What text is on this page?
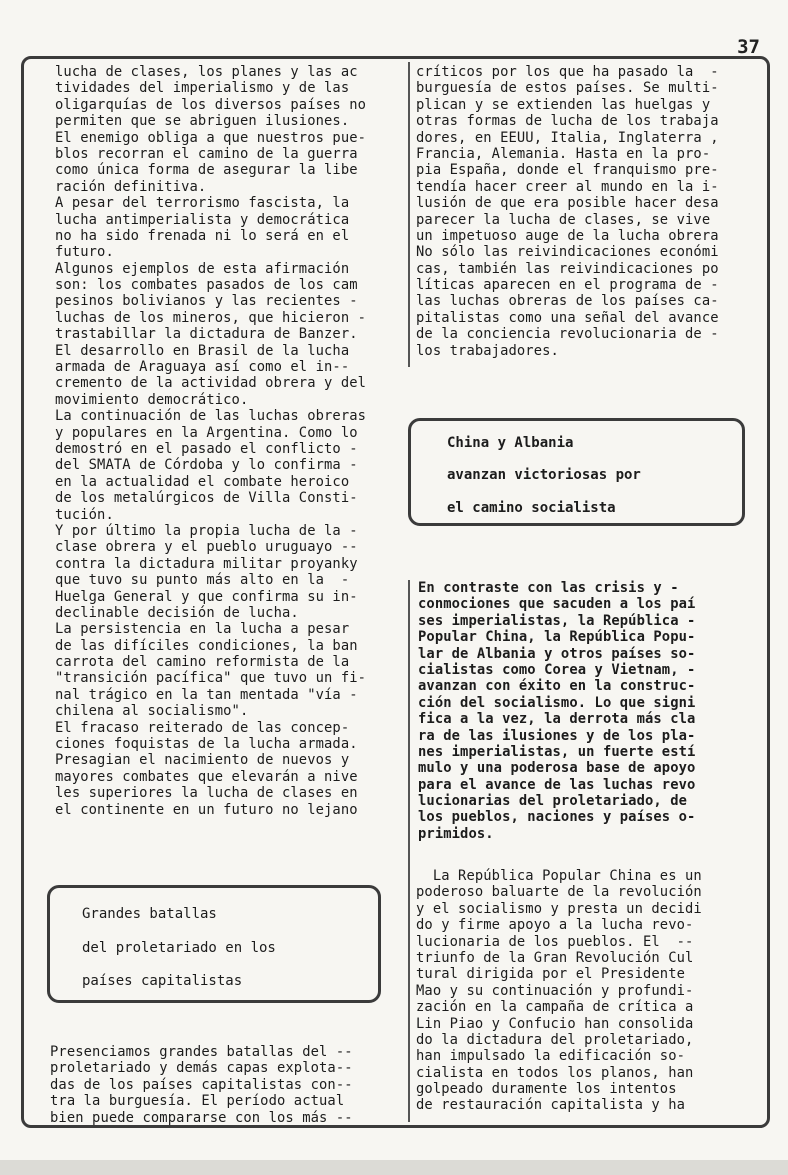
37
lucha de clases, los planes y las ac
tividades del imperialismo y de las
oligarquías de los diversos países no
permiten que se abriguen ilusiones.
El enemigo obliga a que nuestros pue-
blos recorran el camino de la guerra
como única forma de asegurar la libe
ración definitiva.
A pesar del terrorismo fascista, la
lucha antimperialista y democrática
no ha sido frenada ni lo será en el
futuro.
Algunos ejemplos de esta afirmación
son: los combates pasados de los cam
pesinos bolivianos y las recientes -
luchas de los mineros, que hicieron -
trastabillar la dictadura de Banzer.
El desarrollo en Brasil de la lucha
armada de Araguaya así como el in--
cremento de la actividad obrera y del
movimiento democrático.
La continuación de las luchas obreras
y populares en la Argentina. Como lo
demostró en el pasado el conflicto -
del SMATA de Córdoba y lo confirma -
en la actualidad el combate heroico
de los metalúrgicos de Villa Consti-
tución.
Y por último la propia lucha de la -
clase obrera y el pueblo uruguayo --
contra la dictadura militar proyanky
que tuvo su punto más alto en la  -
Huelga General y que confirma su in-
declinable decisión de lucha.
La persistencia en la lucha a pesar
de las difíciles condiciones, la ban
carrota del camino reformista de la
"transición pacífica" que tuvo un fi-
nal trágico en la tan mentada "vía -
chilena al socialismo".
El fracaso reiterado de las concep-
ciones foquistas de la lucha armada.
Presagian el nacimiento de nuevos y
mayores combates que elevarán a nive
les superiores la lucha de clases en
el continente en un futuro no lejano
Grandes batallas
del proletariado en los
países capitalistas
Presenciamos grandes batallas del --
proletariado y demás capas explota--
das de los países capitalistas con--
tra la burguesía. El período actual
bien puede compararse con los más --
críticos por los que ha pasado la  -
burguesía de estos países. Se multi-
plican y se extienden las huelgas y
otras formas de lucha de los trabaja
dores, en EEUU, Italia, Inglaterra ,
Francia, Alemania. Hasta en la pro-
pia España, donde el franquismo pre-
tendía hacer creer al mundo en la i-
lusión de que era posible hacer desa
parecer la lucha de clases, se vive
un impetuoso auge de la lucha obrera
No sólo las reivindicaciones económi
cas, también las reivindicaciones po
líticas aparecen en el programa de -
las luchas obreras de los países ca-
pitalistas como una señal del avance
de la conciencia revolucionaria de -
los trabajadores.
China y Albania
avanzan victoriosas por
el camino socialista
En contraste con las crisis y -
conmociones que sacuden a los paí
ses imperialistas, la República -
Popular China, la República Popu-
lar de Albania y otros países so-
cialistas como Corea y Vietnam, -
avanzan con éxito en la construc-
ción del socialismo. Lo que signi
fica a la vez, la derrota más cla
ra de las ilusiones y de los pla-
nes imperialistas, un fuerte estí
mulo y una poderosa base de apoyo
para el avance de las luchas revo
lucionarias del proletariado, de
los pueblos, naciones y países o-
primidos.
La República Popular China es un
poderoso baluarte de la revolución
y el socialismo y presta un decidi
do y firme apoyo a la lucha revo-
lucionaria de los pueblos. El  --
triunfo de la Gran Revolución Cul
tural dirigida por el Presidente
Mao y su continuación y profundi-
zación en la campaña de crítica a
Lin Piao y Confucio han consolida
do la dictadura del proletariado,
han impulsado la edificación so-
cialista en todos los planos, han
golpeado duramente los intentos
de restauración capitalista y ha
